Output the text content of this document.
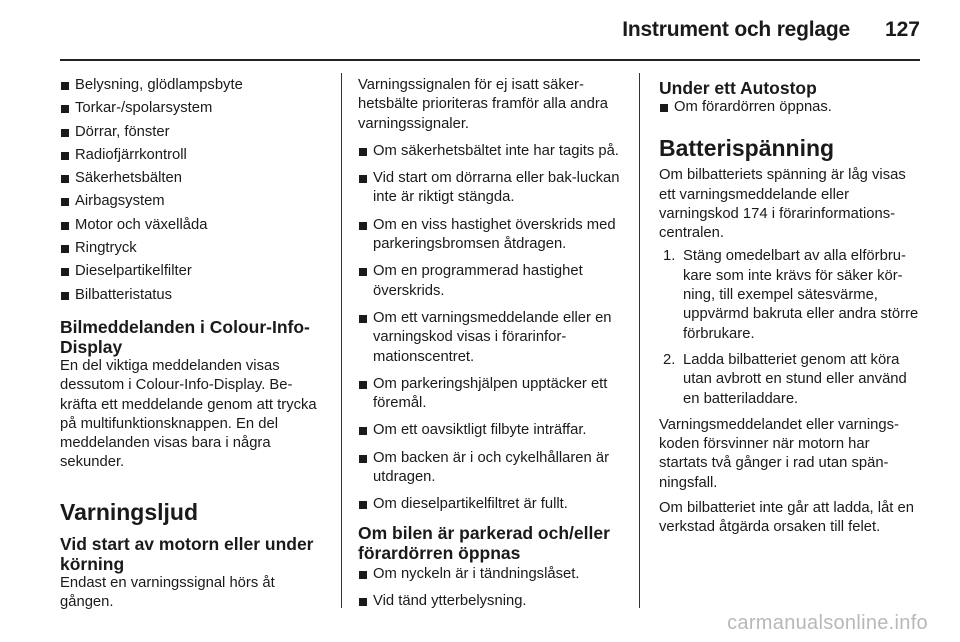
Instrument och reglage	127
Belysning, glödlampsbyte
Torkar-/spolarsystem
Dörrar, fönster
Radiofjärrkontroll
Säkerhetsbälten
Airbagsystem
Motor och växellåda
Ringtryck
Dieselpartikelfilter
Bilbatteristatus
Bilmeddelanden i Colour-Info-Display

En del viktiga meddelanden visas dessutom i Colour-Info-Display. Be-kräfta ett meddelande genom att trycka på multifunktionsknappen. En del meddelanden visas bara i några sekunder.

Varningsljud
Vid start av motorn eller under körning

Endast en varningssignal hörs åt gången.

Varningssignalen för ej isatt säker-hetsbälte prioriteras framför alla andra varningssignaler.

Om säkerhetsbältet inte har tagits på.
Vid start om dörrarna eller bak-luckan inte är riktigt stängda.
Om en viss hastighet överskrids med parkeringsbromsen åtdragen.
Om en programmerad hastighet överskrids.
Om ett varningsmeddelande eller en varningskod visas i förarinfor-mationscentret.
Om parkeringshjälpen upptäcker ett föremål.
Om ett oavsiktligt filbyte inträffar.
Om backen är i och cykelhållaren är utdragen.
Om dieselpartikelfiltret är fullt.
Om bilen är parkerad och/eller förardörren öppnas
Om nyckeln är i tändningslåset.
Vid tänd ytterbelysning.
Under ett Autostop
Om förardörren öppnas.
Batterispänning

Om bilbatteriets spänning är låg visas ett varningsmeddelande eller varningskod 174 i förarinformations-centralen.

1. Stäng omedelbart av alla elförbru-kare som inte krävs för säker kör-ning, till exempel sätesvärme, uppvärmd bakruta eller andra större förbrukare.
2. Ladda bilbatteriet genom att köra utan avbrott en stund eller använd en batteriladdare.

Varningsmeddelandet eller varnings-koden försvinner när motorn har startats två gånger i rad utan spän-ningsfall.

Om bilbatteriet inte går att ladda, låt en verkstad åtgärda orsaken till felet.

carmanualsonline.info
